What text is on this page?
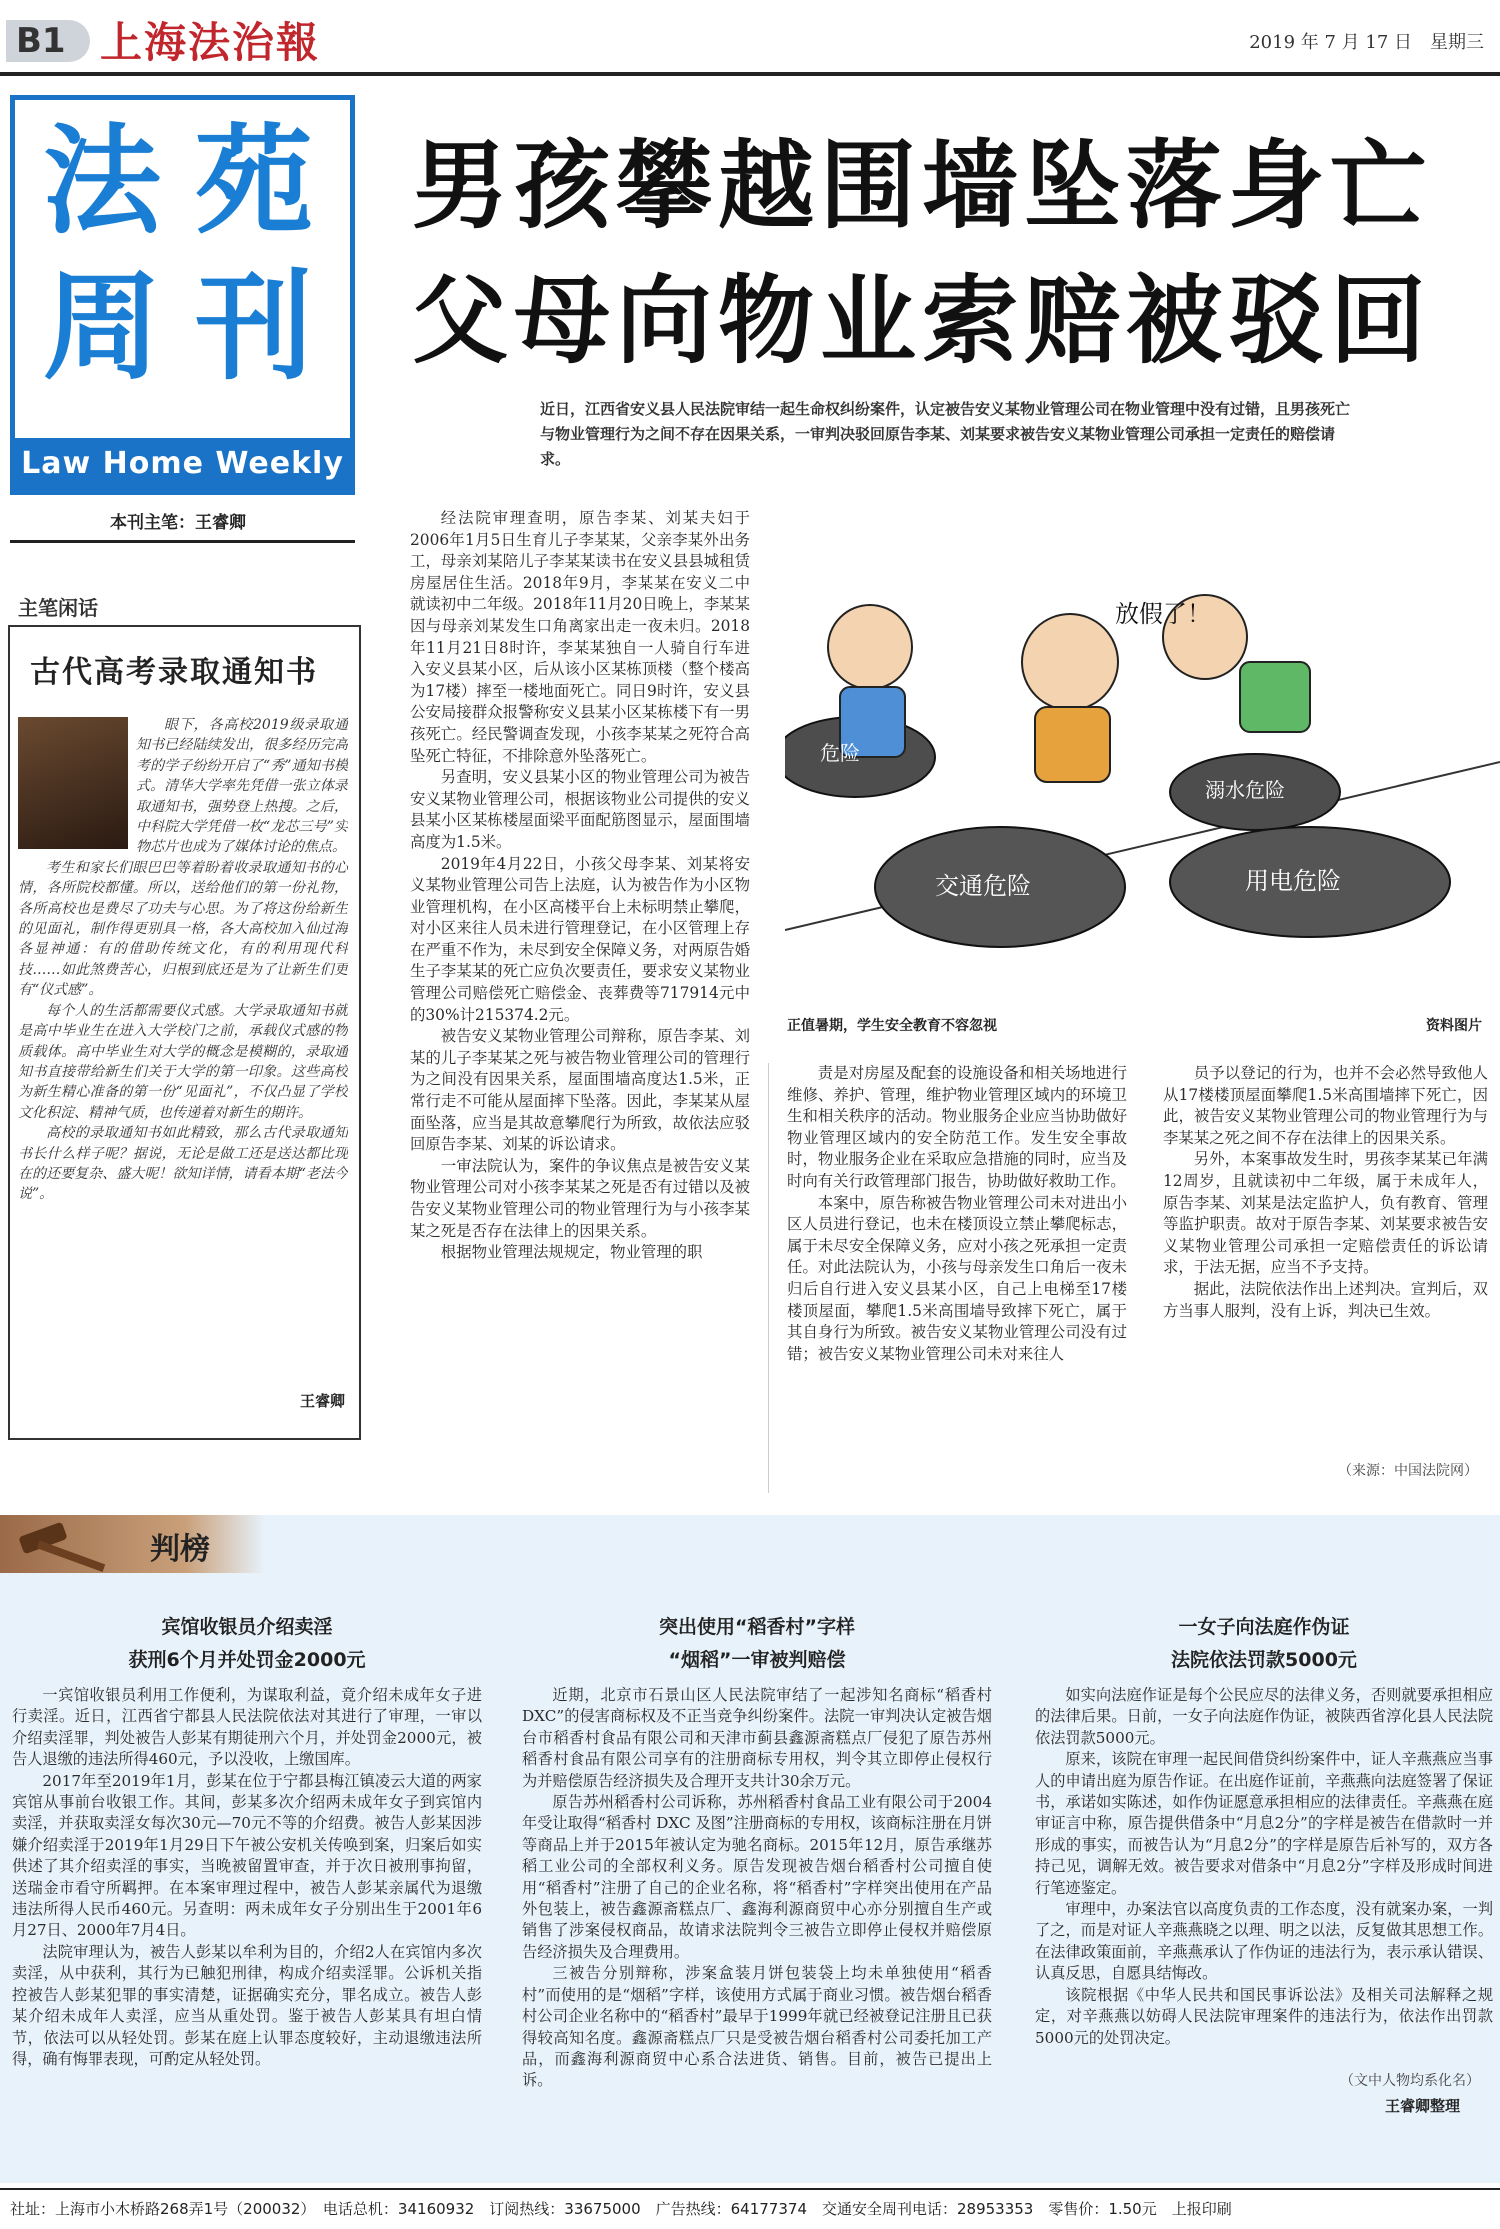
B1 上海法治報	2019 年 7 月 17 日　星期三
法 苑
周 刊
Law Home Weekly
本刊主笔：王睿卿
男孩攀越围墙坠落身亡
父母向物业索赔被驳回
近日，江西省安义县人民法院审结一起生命权纠纷案件，认定被告安义某物业管理公司在物业管理中没有过错，且男孩死亡与物业管理行为之间不存在因果关系，一审判决驳回原告李某、刘某要求被告安义某物业管理公司承担一定责任的赔偿请求。

经法院审理查明，原告李某、刘某夫妇于2006年1月5日生育儿子李某某，父亲李某外出务工，母亲刘某陪儿子李某某读书在安义县县城租赁房屋居住生活。2018年9月，李某某在安义二中就读初中二年级。2018年11月20日晚上，李某某因与母亲刘某发生口角离家出走一夜未归。2018年11月21日8时许，李某某独自一人骑自行车进入安义县某小区，后从该小区某栋顶楼（整个楼高为17楼）摔至一楼地面死亡。同日9时许，安义县公安局接群众报警称安义县某小区某栋楼下有一男孩死亡。经民警调查发现，小孩李某某之死符合高坠死亡特征，不排除意外坠落死亡。

另查明，安义县某小区的物业管理公司为被告安义某物业管理公司，根据该物业公司提供的安义县某小区某栋楼屋面梁平面配筋图显示，屋面围墙高度为1.5米。

2019年4月22日，小孩父母李某、刘某将安义某物业管理公司告上法庭，认为被告作为小区物业管理机构，在小区高楼平台上未标明禁止攀爬，对小区来往人员未进行管理登记，在小区管理上存在严重不作为，未尽到安全保障义务，对两原告婚生子李某某的死亡应负次要责任，要求安义某物业管理公司赔偿死亡赔偿金、丧葬费等717914元中的30%计215374.2元。

被告安义某物业管理公司辩称，原告李某、刘某的儿子李某某之死与被告物业管理公司的管理行为之间没有因果关系，屋面围墙高度达1.5米，正常行走不可能从屋面摔下坠落。因此，李某某从屋面坠落，应当是其故意攀爬行为所致，故依法应驳回原告李某、刘某的诉讼请求。

一审法院认为，案件的争议焦点是被告安义某物业管理公司对小孩李某某之死是否有过错以及被告安义某物业管理公司的物业管理行为与小孩李某某之死是否存在法律上的因果关系。

根据物业管理法规规定，物业管理的职

责是对房屋及配套的设施设备和相关场地进行维修、养护、管理，维护物业管理区域内的环境卫生和相关秩序的活动。物业服务企业应当协助做好物业管理区域内的安全防范工作。发生安全事故时，物业服务企业在采取应急措施的同时，应当及时向有关行政管理部门报告，协助做好救助工作。

本案中，原告称被告物业管理公司未对进出小区人员进行登记，也未在楼顶设立禁止攀爬标志，属于未尽安全保障义务，应对小孩之死承担一定责任。对此法院认为，小孩与母亲发生口角后一夜未归后自行进入安义县某小区，自己上电梯至17楼楼顶屋面，攀爬1.5米高围墙导致摔下死亡，属于其自身行为所致。被告安义某物业管理公司没有过错；被告安义某物业管理公司未对来往人

员予以登记的行为，也并不会必然导致他人从17楼楼顶屋面攀爬1.5米高围墙摔下死亡，因此，被告安义某物业管理公司的物业管理行为与李某某之死之间不存在法律上的因果关系。

另外，本案事故发生时，男孩李某某已年满12周岁，且就读初中二年级，属于未成年人，原告李某、刘某是法定监护人，负有教育、管理等监护职责。故对于原告李某、刘某要求被告安义某物业管理公司承担一定赔偿责任的诉讼请求，于法无据，应当不予支持。

据此，法院依法作出上述判决。宣判后，双方当事人服判，没有上诉，判决已生效。

（来源：中国法院网）
放假了！
危险
溺水危险
交通危险	用电危险
正值暑期，学生安全教育不容忽视	资料图片
主笔闲话
古代高考录取通知书

眼下，各高校2019级录取通知书已经陆续发出，很多经历完高考的学子纷纷开启了“秀”通知书模式。清华大学率先凭借一张立体录取通知书，强势登上热搜。之后，中科院大学凭借一枚“龙芯三号”实物芯片也成为了媒体讨论的焦点。

考生和家长们眼巴巴等着盼着收录取通知书的心情，各所院校都懂。所以，送给他们的第一份礼物，各所高校也是费尽了功夫与心思。为了将这份给新生的见面礼，制作得更别具一格，各大高校加入仙过海各显神通：有的借助传统文化，有的利用现代科技……如此煞费苦心，归根到底还是为了让新生们更有“仪式感”。

每个人的生活都需要仪式感。大学录取通知书就是高中毕业生在进入大学校门之前，承载仪式感的物质载体。高中毕业生对大学的概念是模糊的，录取通知书直接带给新生们关于大学的第一印象。这些高校为新生精心准备的第一份“见面礼”，不仅凸显了学校文化积淀、精神气质，也传递着对新生的期许。

高校的录取通知书如此精致，那么古代录取通知书长什么样子呢？据说，无论是做工还是送达都比现在的还要复杂、盛大呢！欲知详情，请看本期“老法今说”。

王睿卿
判榜
宾馆收银员介绍卖淫
获刑6个月并处罚金2000元

一宾馆收银员利用工作便利，为谋取利益，竟介绍未成年女子进行卖淫。近日，江西省宁都县人民法院依法对其进行了审理，一审以介绍卖淫罪，判处被告人彭某有期徒刑六个月，并处罚金2000元，被告人退缴的违法所得460元，予以没收，上缴国库。

2017年至2019年1月，彭某在位于宁都县梅江镇凌云大道的两家宾馆从事前台收银工作。其间，彭某多次介绍两未成年女子到宾馆内卖淫，并获取卖淫女每次30元—70元不等的介绍费。被告人彭某因涉嫌介绍卖淫于2019年1月29日下午被公安机关传唤到案，归案后如实供述了其介绍卖淫的事实，当晚被留置审查，并于次日被刑事拘留，送瑞金市看守所羁押。在本案审理过程中，被告人彭某亲属代为退缴违法所得人民币460元。另查明：两未成年女子分别出生于2001年6月27日、2000年7月4日。

法院审理认为，被告人彭某以牟利为目的，介绍2人在宾馆内多次卖淫，从中获利，其行为已触犯刑律，构成介绍卖淫罪。公诉机关指控被告人彭某犯罪的事实清楚，证据确实充分，罪名成立。被告人彭某介绍未成年人卖淫，应当从重处罚。鉴于被告人彭某具有坦白情节，依法可以从轻处罚。彭某在庭上认罪态度较好，主动退缴违法所得，确有悔罪表现，可酌定从轻处罚。

突出使用“稻香村”字样
“烟稻”一审被判赔偿

近期，北京市石景山区人民法院审结了一起涉知名商标“稻香村 DXC”的侵害商标权及不正当竞争纠纷案件。法院一审判决认定被告烟台市稻香村食品有限公司和天津市蓟县鑫源斋糕点厂侵犯了原告苏州稻香村食品有限公司享有的注册商标专用权，判令其立即停止侵权行为并赔偿原告经济损失及合理开支共计30余万元。

原告苏州稻香村公司诉称，苏州稻香村食品工业有限公司于2004年受让取得“稻香村 DXC 及图”注册商标的专用权，该商标注册在月饼等商品上并于2015年被认定为驰名商标。2015年12月，原告承继苏稻工业公司的全部权利义务。原告发现被告烟台稻香村公司擅自使用“稻香村”注册了自己的企业名称，将“稻香村”字样突出使用在产品外包装上，被告鑫源斋糕点厂、鑫海利源商贸中心亦分别擅自生产或销售了涉案侵权商品，故请求法院判令三被告立即停止侵权并赔偿原告经济损失及合理费用。

三被告分别辩称，涉案盒装月饼包装袋上均未单独使用“稻香村”而使用的是“烟稻”字样，该使用方式属于商业习惯。被告烟台稻香村公司企业名称中的“稻香村”最早于1999年就已经被登记注册且已获得较高知名度。鑫源斋糕点厂只是受被告烟台稻香村公司委托加工产品，而鑫海利源商贸中心系合法进货、销售。目前，被告已提出上诉。

一女子向法庭作伪证
法院依法罚款5000元

如实向法庭作证是每个公民应尽的法律义务，否则就要承担相应的法律后果。日前，一女子向法庭作伪证，被陕西省淳化县人民法院依法罚款5000元。

原来，该院在审理一起民间借贷纠纷案件中，证人辛燕燕应当事人的申请出庭为原告作证。在出庭作证前，辛燕燕向法庭签署了保证书，承诺如实陈述，如作伪证愿意承担相应的法律责任。辛燕燕在庭审证言中称，原告提供借条中“月息2分”的字样是被告在借款时一并形成的事实，而被告认为“月息2分”的字样是原告后补写的，双方各持己见，调解无效。被告要求对借条中“月息2分”字样及形成时间进行笔迹鉴定。

审理中，办案法官以高度负责的工作态度，没有就案办案，一判了之，而是对证人辛燕燕晓之以理、明之以法，反复做其思想工作。在法律政策面前，辛燕燕承认了作伪证的违法行为，表示承认错误、认真反思，自愿具结悔改。

该院根据《中华人民共和国民事诉讼法》及相关司法解释之规定，对辛燕燕以妨碍人民法院审理案件的违法行为，依法作出罚款5000元的处罚决定。

（文中人物均系化名）
王睿卿整理
社址：上海市小木桥路268弄1号（200032）　电话总机：34160932　订阅热线：33675000　广告热线：64177374　交通安全周刊电话：28953353　零售价：1.50元　上报印刷
